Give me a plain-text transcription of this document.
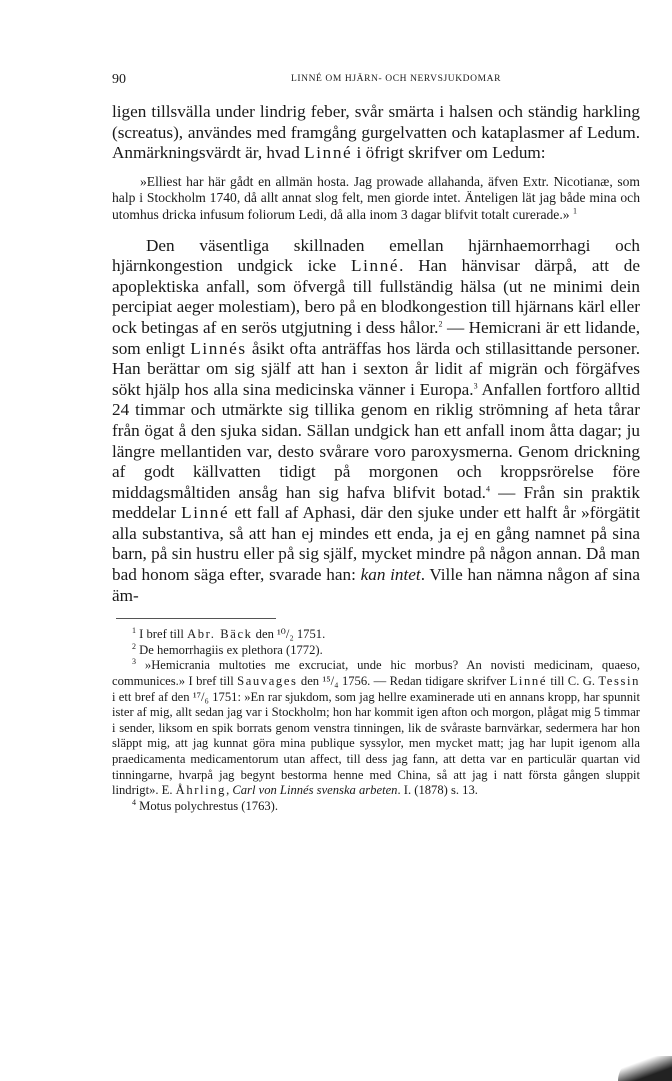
90	LINNÉ OM HJÄRN- OCH NERVSJUKDOMAR

ligen tillsvälla under lindrig feber, svår smärta i halsen och ständig harkling (screatus), användes med framgång gurgelvatten och kataplasmer af Ledum. Anmärkningsvärdt är, hvad Linné i öfrigt skrifver om Ledum:

»Elliest har här gådt en allmän hosta. Jag prowade allahanda, äfven Extr. Nicotianæ, som halp i Stockholm 1740, då allt annat slog felt, men giorde intet. Änteligen lät jag både mina och utomhus dricka infusum foliorum Ledi, då alla inom 3 dagar blifvit totalt curerade.» $^1$

Den väsentliga skillnaden emellan hjärnhaemorrhagi och hjärnkongestion undgick icke Linné. Han hänvisar därpå, att de apoplektiska anfall, som öfvergå till fullständig hälsa (ut ne minimi dein percipiat aeger molestiam), bero på en blodkongestion till hjärnans kärl eller ock betingas af en serös utgjutning i dess hålor.$^2$ — Hemicrani är ett lidande, som enligt Linnés åsikt ofta anträffas hos lärda och stillasittande personer. Han berättar om sig själf att han i sexton år lidit af migrän och förgäfves sökt hjälp hos alla sina medicinska vänner i Europa.$^3$ Anfallen fortforo alltid 24 timmar och utmärkte sig tillika genom en riklig strömning af heta tårar från ögat å den sjuka sidan. Sällan undgick han ett anfall inom åtta dagar; ju längre mellantiden var, desto svårare voro paroxysmerna. Genom drickning af godt källvatten tidigt på morgonen och kroppsrörelse före middagsmåltiden ansåg han sig hafva blifvit botad.$^4$ — Från sin praktik meddelar Linné ett fall af Aphasi, där den sjuke under ett halft år »förgätit alla substantiva, så att han ej mindes ett enda, ja ej en gång namnet på sina barn, på sin hustru eller på sig själf, mycket mindre på någon annan. Då man bad honom säga efter, svarade han: kan intet. Ville han nämna någon af sina äm-

$^1$ I bref till Abr. Bäck den ¹⁰/₂ 1751.

$^2$ De hemorrhagiis ex plethora (1772).

$^3$ »Hemicrania multoties me excruciat, unde hic morbus? An novisti medicinam, quaeso, communices.» I bref till Sauvages den ¹⁵/₄ 1756. — Redan tidigare skrifver Linné till C. G. Tessin i ett bref af den ¹⁷/₆ 1751: »En rar sjukdom, som jag hellre examinerade uti en annans kropp, har spunnit ister af mig, allt sedan jag var i Stockholm; hon har kommit igen afton och morgon, plågat mig 5 timmar i sender, liksom en spik borrats genom venstra tinningen, lik de svåraste barnvärkar, sedermera har hon släppt mig, att jag kunnat göra mina publique syssylor, men mycket matt; jag har lupit igenom alla praedicamenta medicamentorum utan affect, till dess jag fann, att detta var en particulär quartan vid tinningarne, hvarpå jag begynt bestorma henne med China, så att jag i natt första gången sluppit lindrigt». E. Åhrling, Carl von Linnés svenska arbeten. I. (1878) s. 13.

$^4$ Motus polychrestus (1763).
